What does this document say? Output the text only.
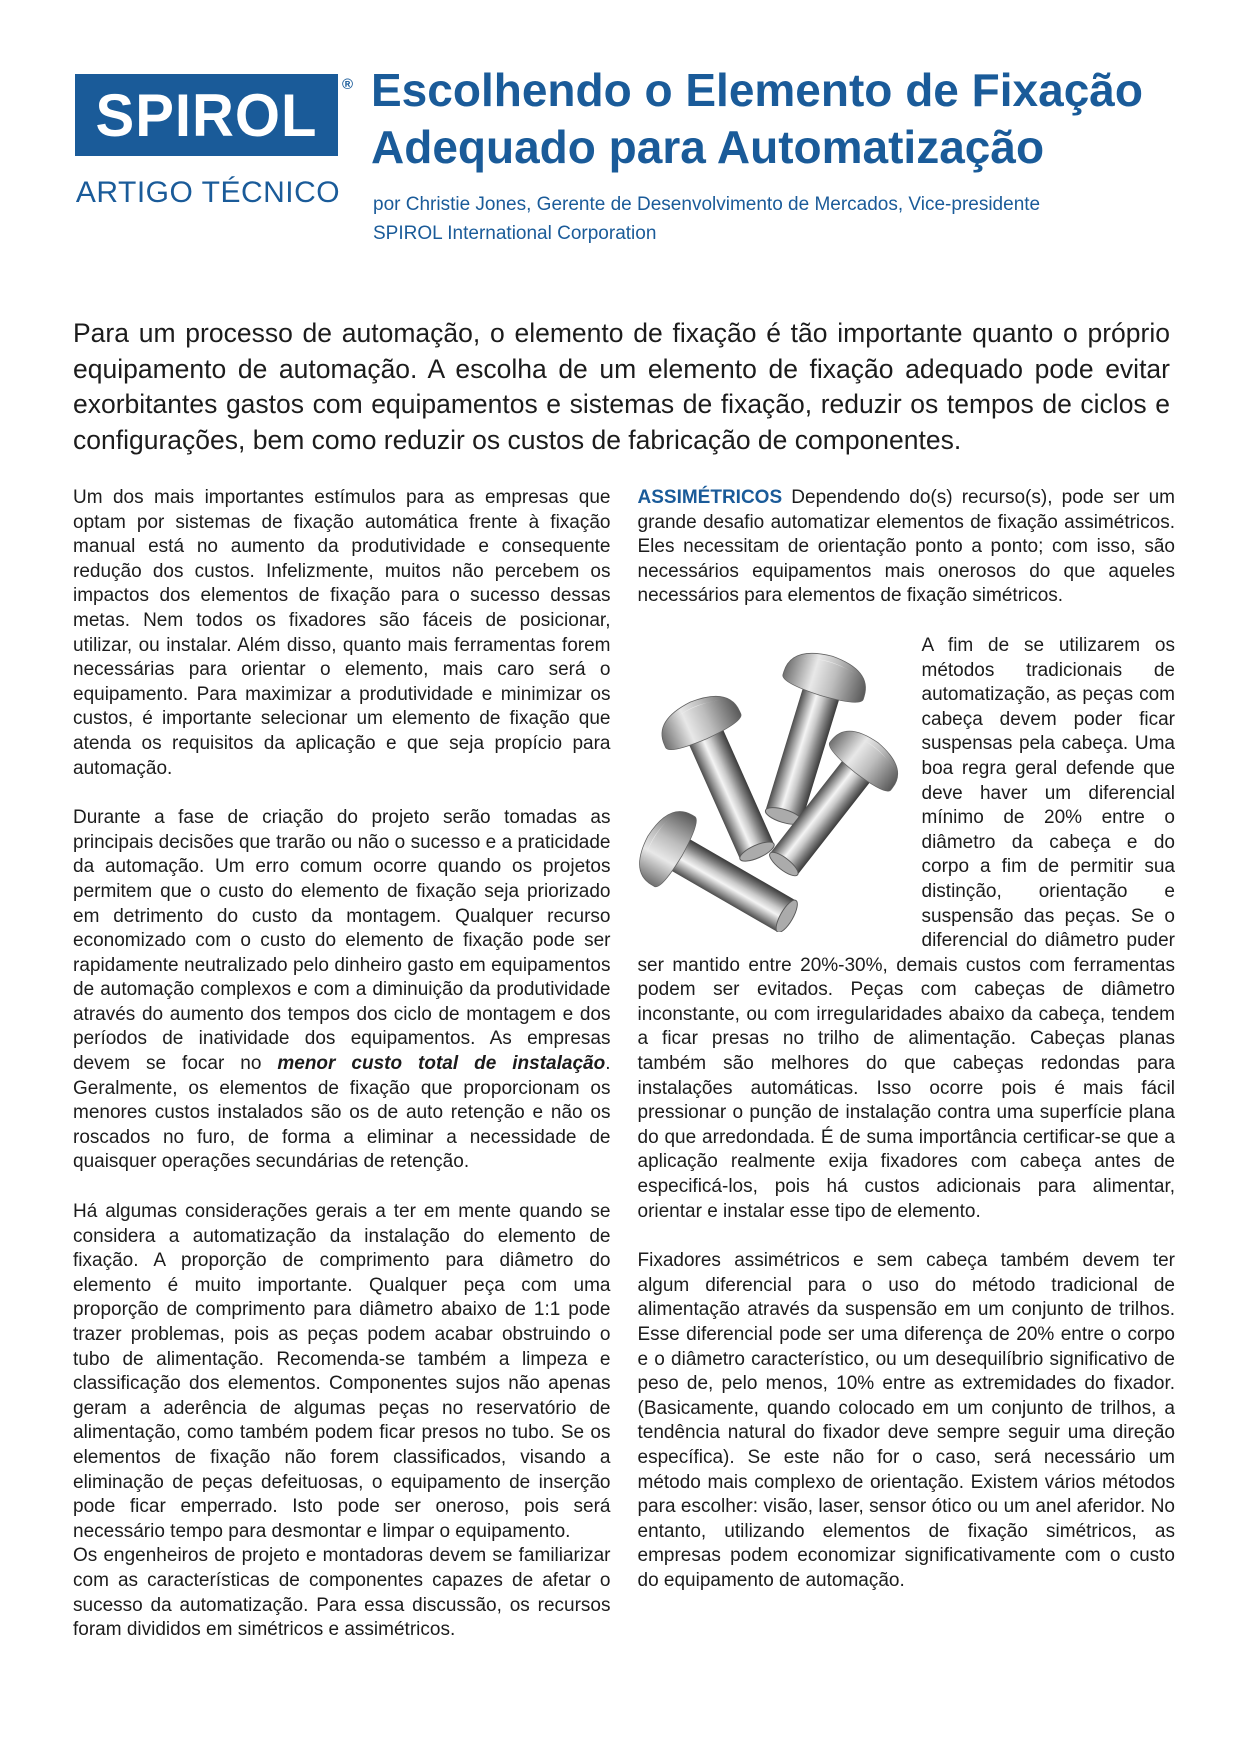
SPIROL ®
ARTIGO TÉCNICO
Escolhendo o Elemento de Fixação
Adequado para Automatização
por Christie Jones, Gerente de Desenvolvimento de Mercados, Vice-presidente
SPIROL International Corporation
Para um processo de automação, o elemento de fixação é tão importante quanto o próprio equipamento de automação. A escolha de um elemento de fixação adequado pode evitar exorbitantes gastos com equipamentos e sistemas de fixação, reduzir os tempos de ciclos e configurações, bem como reduzir os custos de fabricação de componentes.

Um dos mais importantes estímulos para as empresas que optam por sistemas de fixação automática frente à fixação manual está no aumento da produtividade e consequente redução dos custos. Infelizmente, muitos não percebem os impactos dos elementos de fixação para o sucesso dessas metas. Nem todos os fixadores são fáceis de posicionar, utilizar, ou instalar. Além disso, quanto mais ferramentas forem necessárias para orientar o elemento, mais caro será o equipamento. Para maximizar a produtividade e minimizar os custos, é importante selecionar um elemento de fixação que atenda os requisitos da aplicação e que seja propício para automação.

Durante a fase de criação do projeto serão tomadas as principais decisões que trarão ou não o sucesso e a praticidade da automação. Um erro comum ocorre quando os projetos permitem que o custo do elemento de fixação seja priorizado em detrimento do custo da montagem. Qualquer recurso economizado com o custo do elemento de fixação pode ser rapidamente neutralizado pelo dinheiro gasto em equipamentos de automação complexos e com a diminuição da produtividade através do aumento dos tempos dos ciclo de montagem e dos períodos de inatividade dos equipamentos. As empresas devem se focar no menor custo total de instalação. Geralmente, os elementos de fixação que proporcionam os menores custos instalados são os de auto retenção e não os roscados no furo, de forma a eliminar a necessidade de quaisquer operações secundárias de retenção.

Há algumas considerações gerais a ter em mente quando se considera a automatização da instalação do elemento de fixação. A proporção de comprimento para diâmetro do elemento é muito importante. Qualquer peça com uma proporção de comprimento para diâmetro abaixo de 1:1 pode trazer problemas, pois as peças podem acabar obstruindo o tubo de alimentação. Recomenda-se também a limpeza e classificação dos elementos. Componentes sujos não apenas geram a aderência de algumas peças no reservatório de alimentação, como também podem ficar presos no tubo. Se os elementos de fixação não forem classificados, visando a eliminação de peças defeituosas, o equipamento de inserção pode ficar emperrado. Isto pode ser oneroso, pois será necessário tempo para desmontar e limpar o equipamento.

Os engenheiros de projeto e montadoras devem se familiarizar com as características de componentes capazes de afetar o sucesso da automatização. Para essa discussão, os recursos foram divididos em simétricos e assimétricos.

ASSIMÉTRICOS Dependendo do(s) recurso(s), pode ser um grande desafio automatizar elementos de fixação assimétricos. Eles necessitam de orientação ponto a ponto; com isso, são necessários equipamentos mais onerosos do que aqueles necessários para elementos de fixação simétricos.

A fim de se utilizarem os métodos tradicionais de automatização, as peças com cabeça devem poder ficar suspensas pela cabeça. Uma boa regra geral defende que deve haver um diferencial mínimo de 20% entre o diâmetro da cabeça e do corpo a fim de permitir sua distinção, orientação e suspensão das peças. Se o diferencial do diâmetro puder ser mantido entre 20%-30%, demais custos com ferramentas podem ser evitados. Peças com cabeças de diâmetro inconstante, ou com irregularidades abaixo da cabeça, tendem a ficar presas no trilho de alimentação. Cabeças planas também são melhores do que cabeças redondas para instalações automáticas. Isso ocorre pois é mais fácil pressionar o punção de instalação contra uma superfície plana do que arredondada. É de suma importância certificar-se que a aplicação realmente exija fixadores com cabeça antes de especificá-los, pois há custos adicionais para alimentar, orientar e instalar esse tipo de elemento.

Fixadores assimétricos e sem cabeça também devem ter algum diferencial para o uso do método tradicional de alimentação através da suspensão em um conjunto de trilhos. Esse diferencial pode ser uma diferença de 20% entre o corpo e o diâmetro característico, ou um desequilíbrio significativo de peso de, pelo menos, 10% entre as extremidades do fixador. (Basicamente, quando colocado em um conjunto de trilhos, a tendência natural do fixador deve sempre seguir uma direção específica). Se este não for o caso, será necessário um método mais complexo de orientação. Existem vários métodos para escolher: visão, laser, sensor ótico ou um anel aferidor. No entanto, utilizando elementos de fixação simétricos, as empresas podem economizar significativamente com o custo do equipamento de automação.
